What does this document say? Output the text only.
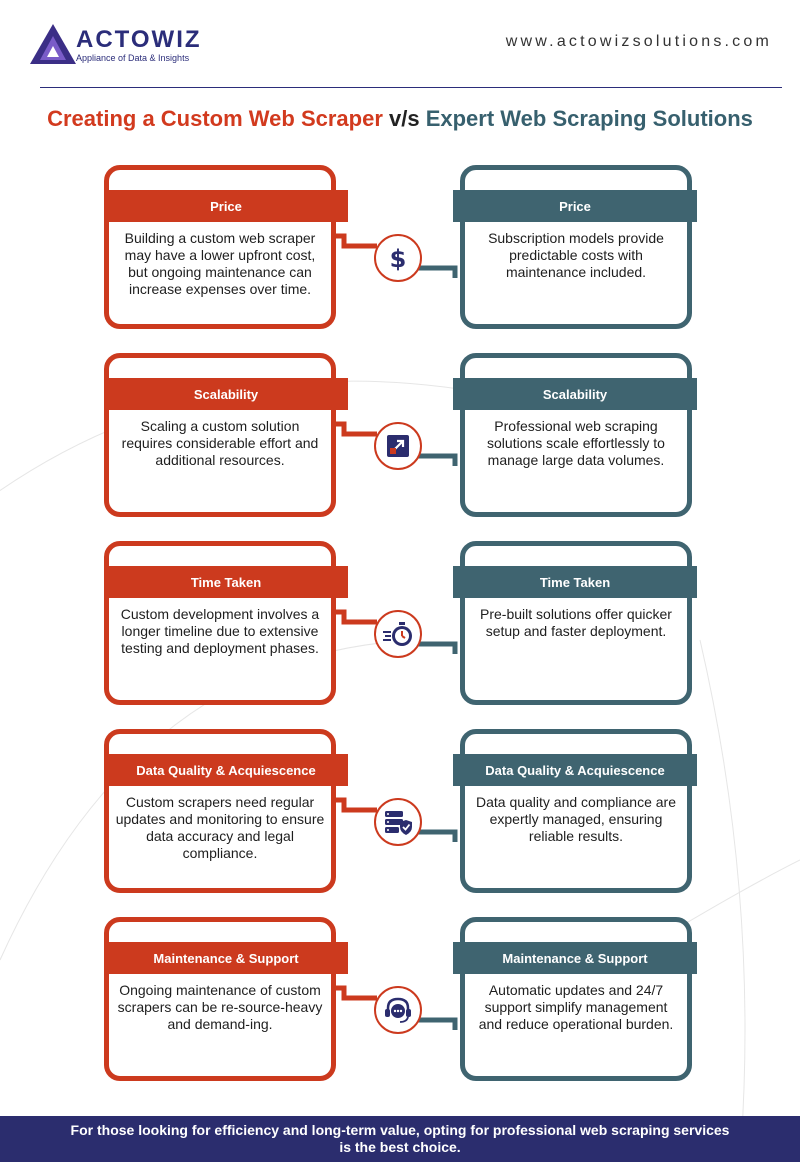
ACTOWIZ
Appliance of Data & Insights
www.actowizsolutions.com
Creating a Custom Web Scraper v/s Expert Web Scraping Solutions
Price
Building a custom web scraper may have a lower upfront cost, but ongoing maintenance can increase expenses over time.
Price
Subscription models provide predictable costs with maintenance included.
$
Scalability
Scaling a custom solution requires considerable effort and additional resources.
Scalability
Professional web scraping solutions scale effortlessly to manage large data volumes.
Time Taken
Custom development involves a longer timeline due to extensive testing and deployment phases.
Time Taken
Pre-built solutions offer quicker setup and faster deployment.
Data Quality & Acquiescence
Custom scrapers need regular updates and monitoring to ensure data accuracy and legal compliance.
Data Quality & Acquiescence
Data quality and compliance are expertly managed, ensuring reliable results.
Maintenance & Support
Ongoing maintenance of custom scrapers can be re-source-heavy and demand-ing.
Maintenance & Support
Automatic updates and 24/7 support simplify management and reduce operational burden.
For those looking for efficiency and long-term value, opting for professional web scraping services is the best choice.
